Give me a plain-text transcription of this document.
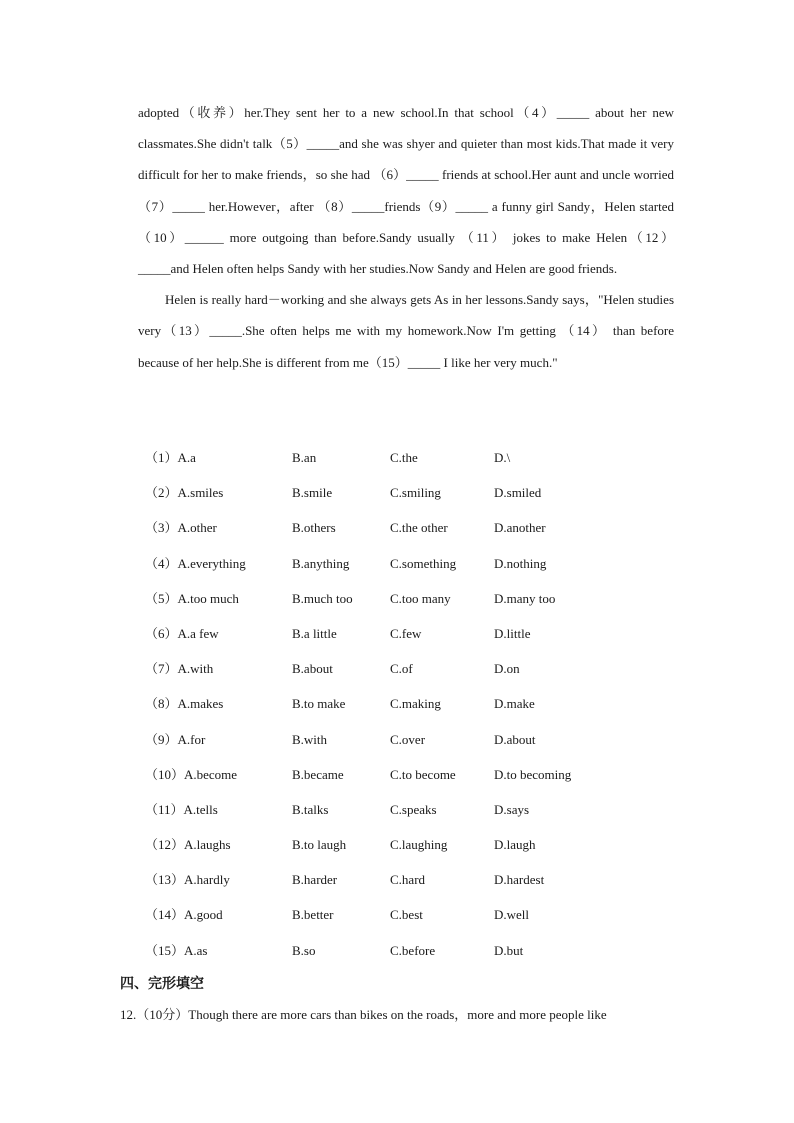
adopted（收养）her.They sent her to a new school.In that school（4）_____ about her new classmates.She didn't talk（5）_____and she was shyer and quieter than most kids.That made it very difficult for her to make friends，so she had （6）_____ friends at school.Her aunt and uncle worried（7）_____ her.However，after （8）_____friends（9）_____ a funny girl Sandy，Helen started（10）______ more outgoing than before.Sandy usually （11） jokes to make Helen（12）_____and Helen often helps Sandy with her studies.Now Sandy and Helen are good friends.

Helen is really hard－working and she always gets As in her lessons.Sandy says，"Helen studies very（13）_____.She often helps me with my homework.Now I'm getting （14） than before because of her help.She is different from me（15）_____ I like her very much."

（1）A.a	B.an	C.the	D.\
（2）A.smiles	B.smile	C.smiling	D.smiled
（3）A.other	B.others	C.the other	D.another
（4）A.everything	B.anything	C.something	D.nothing
（5）A.too much	B.much too	C.too many	D.many too
（6）A.a few	B.a little	C.few	D.little
（7）A.with	B.about	C.of	D.on
（8）A.makes	B.to make	C.making	D.make
（9）A.for	B.with	C.over	D.about
（10）A.become	B.became	C.to become	D.to becoming
（11）A.tells	B.talks	C.speaks	D.says
（12）A.laughs	B.to laugh	C.laughing	D.laugh
（13）A.hardly	B.harder	C.hard	D.hardest
（14）A.good	B.better	C.best	D.well
（15）A.as	B.so	C.before	D.but
四、完形填空
12.（10分）Though there are more cars than bikes on the roads，more and more people like
